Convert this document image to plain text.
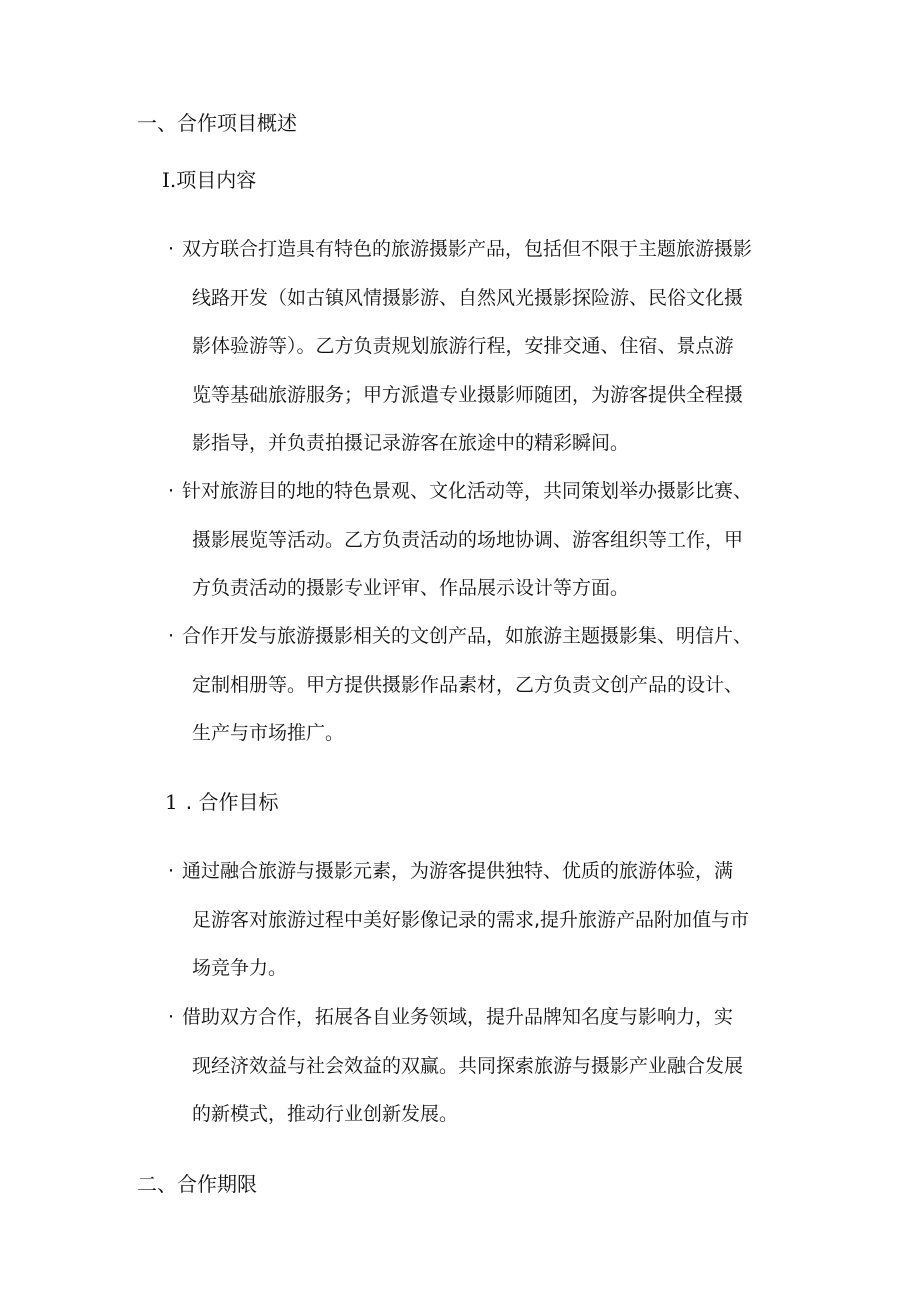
一、合作项目概述
I.项目内容
· 双方联合打造具有特色的旅游摄影产品，包括但不限于主题旅游摄影
线路开发（如古镇风情摄影游、自然风光摄影探险游、民俗文化摄
影体验游等）。乙方负责规划旅游行程，安排交通、住宿、景点游
览等基础旅游服务；甲方派遣专业摄影师随团，为游客提供全程摄
影指导，并负责拍摄记录游客在旅途中的精彩瞬间。
· 针对旅游目的地的特色景观、文化活动等，共同策划举办摄影比赛、
摄影展览等活动。乙方负责活动的场地协调、游客组织等工作，甲
方负责活动的摄影专业评审、作品展示设计等方面。
· 合作开发与旅游摄影相关的文创产品，如旅游主题摄影集、明信片、
定制相册等。甲方提供摄影作品素材，乙方负责文创产品的设计、
生产与市场推广。
1 . 合作目标
· 通过融合旅游与摄影元素，为游客提供独特、优质的旅游体验，满
足游客对旅游过程中美好影像记录的需求,提升旅游产品附加值与市
场竞争力。
· 借助双方合作，拓展各自业务领域，提升品牌知名度与影响力，实
现经济效益与社会效益的双赢。共同探索旅游与摄影产业融合发展
的新模式，推动行业创新发展。
二、合作期限
